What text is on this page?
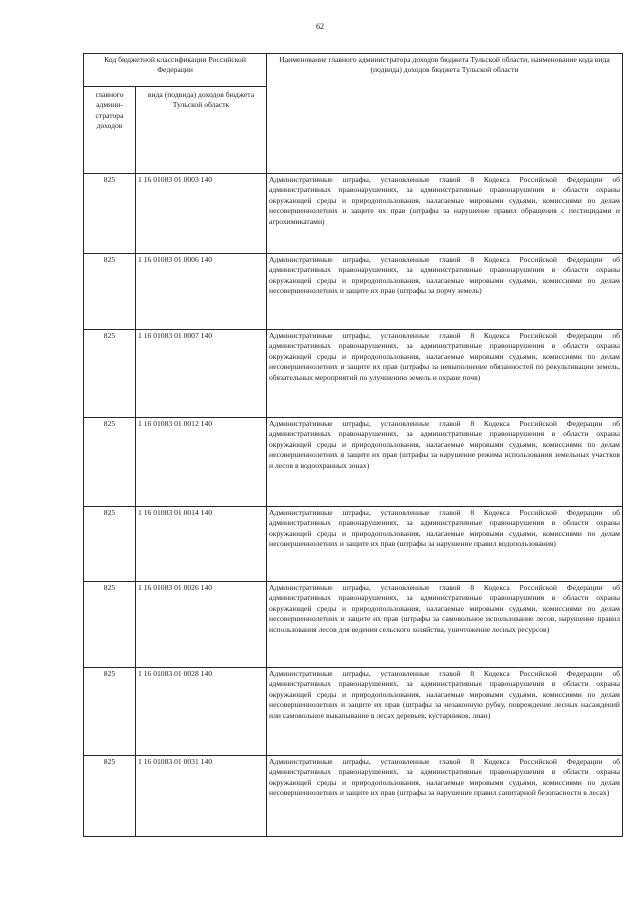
62
Код бюджетной классификации Российской Федерации		Наименование главного администратора доходов бюджета Тульской области, наименование кода вида (подвида) доходов бюджета Тульской области
главного админи-стратора доходов	вида (подвида) доходов бюджета Тульской областк	
825	1 16 01083 01 0003 140	Административные штрафы, установленные главой 8 Кодекса Российской Федерации об административных правонарушениях, за административные правонарушения в области охраны окружающей среды и природопользования, налагаемые мировыми судьями, комиссиями по делам несовершеннолетних и защите их прав (штрафы за нарушение правил обращения с пестицидами и агрохимикатами)
825	1 16 01083 01 0006 140	Административные штрафы, установленные главой 8 Кодекса Российской Федерации об административных правонарушениях, за административные правонарушения в области охраны окружающей среды и природопользования, налагаемые мировыми судьями, комиссиями по делам несовершеннолетних и защите их прав (штрафы за порчу земель)
825	1 16 01083 01 0007 140	Административные штрафы, установленные главой 8 Кодекса Российской Федерации об административных правонарушениях, за административные правонарушения в области охраны окружающей среды и природопользования, налагаемые мировыми судьями, комиссиями по делам несовершеннолетних и защите их прав (штрафы за невыполнение обязанностей по рекультивации земель, обязательных мероприятий по улучшению земель и охране почв)
825	1 16 01083 01 0012 140	Административные штрафы, установленные главой 8 Кодекса Российской Федерации об административных правонарушениях, за административные правонарушения в области охраны окружающей среды и природопользования, налагаемые мировыми судьями, комиссиями по делам несовершеннолетних и защите их прав (штрафы за нарушение режима использования земельных участков и лесов в водоохранных зонах)
825	1 16 01083 01 0014 140	Административные штрафы, установленные главой 8 Кодекса Российской Федерации об административных правонарушениях, за административные правонарушения в области охраны окружающей среды и природопользования, налагаемые мировыми судьями, комиссиями по делам несовершеннолетних и защите их прав (штрафы за нарушение правил водопользования)
825	1 16 01083 01 0026 140	Административные штрафы, установленные главой 8 Кодекса Российской Федерации об административных правонарушениях, за административные правонарушения в области охраны окружающей среды и природопользования, налагаемые мировыми судьями, комиссиями по делам несовершеннолетних и защите их прав (штрафы за самовольное использование лесов, нарушение правил использования лесов для ведения сельского хозяйства, уничтожение лесных ресурсов)
825	1 16 01083 01 0028 140	Административные штрафы, установленные главой 8 Кодекса Российской Федерации об административных правонарушениях, за административные правонарушения в области охраны окружающей среды и природопользования, налагаемые мировыми судьями, комиссиями по делам несовершеннолетних и защите их прав (штрафы за незаконную рубку, повреждение лесных насаждений или самовольное выкапывание в лесах деревьев, кустарников, лиан)
825	1 16 01083 01 0031 140	Административные штрафы, установленные главой 8 Кодекса Российской Федерации об административных правонарушениях, за административные правонарушения в области охраны окружающей среды и природопользования, налагаемые мировыми судьями, комиссиями по делам несовершеннолетних и защите их прав (штрафы за нарушение правил санитарной безопасности в лесах)
